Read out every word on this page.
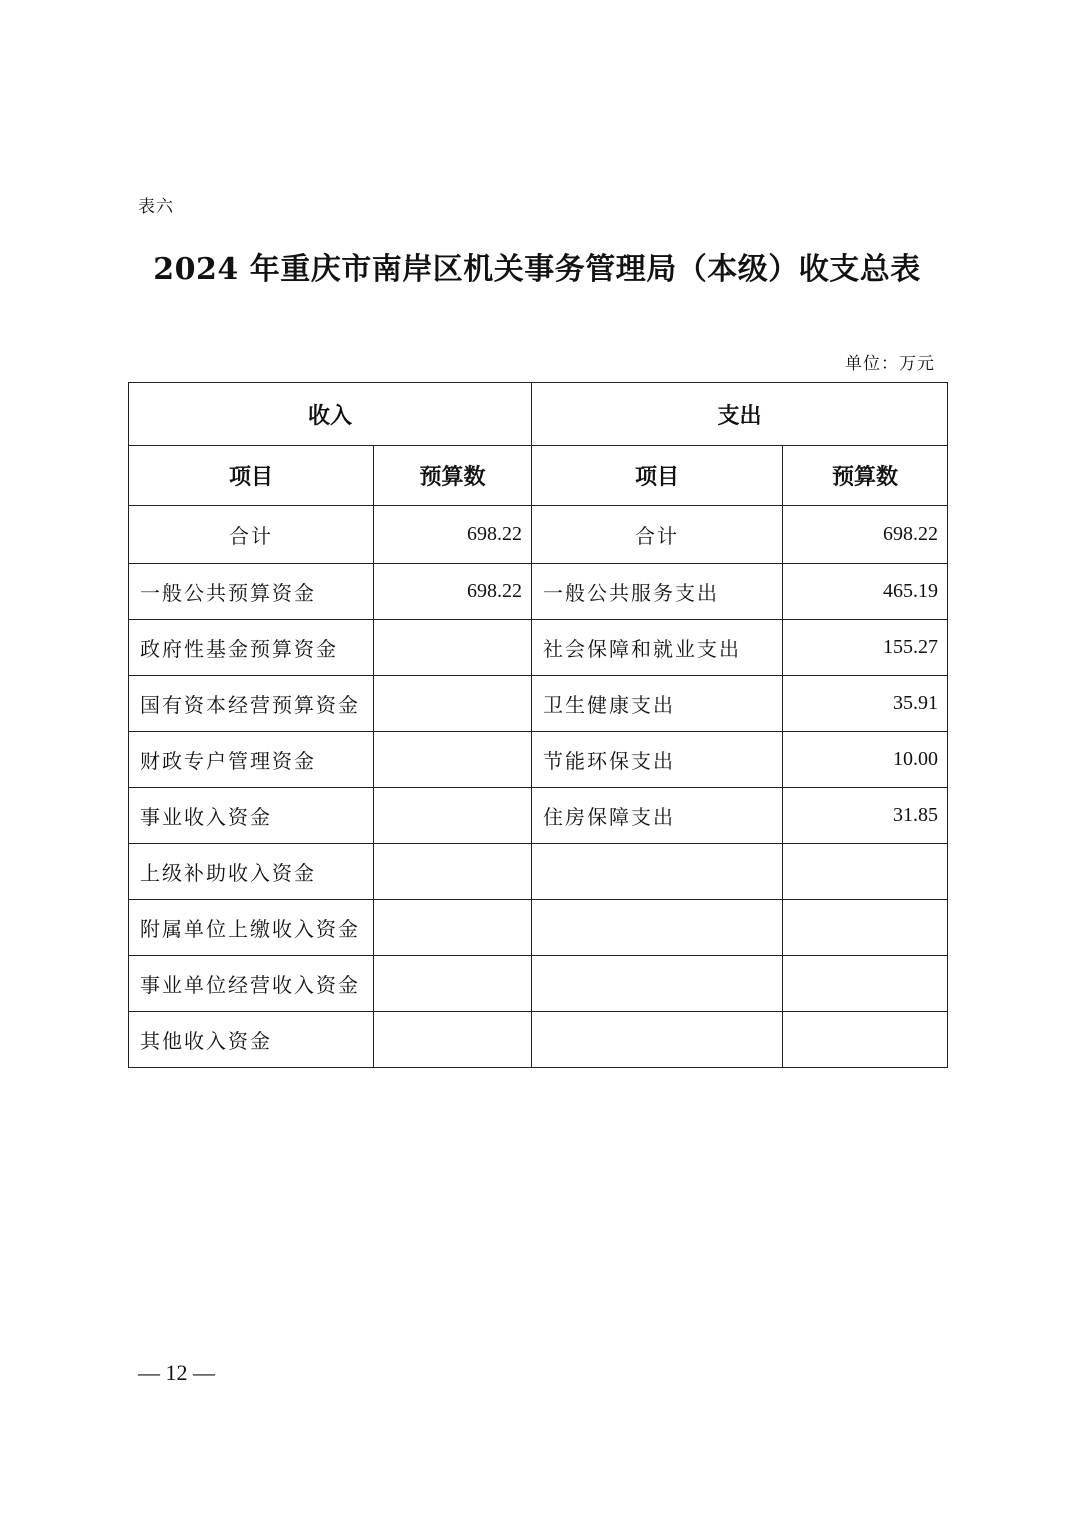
表六
2024 年重庆市南岸区机关事务管理局（本级）收支总表
单位：万元
收入		支出	
项目	预算数	项目	预算数
合计	698.22	合计	698.22
一般公共预算资金	698.22	一般公共服务支出	465.19
政府性基金预算资金		社会保障和就业支出	155.27
国有资本经营预算资金		卫生健康支出	35.91
财政专户管理资金		节能环保支出	10.00
事业收入资金		住房保障支出	31.85
上级补助收入资金			
附属单位上缴收入资金			
事业单位经营收入资金			
其他收入资金			
— 12 —
